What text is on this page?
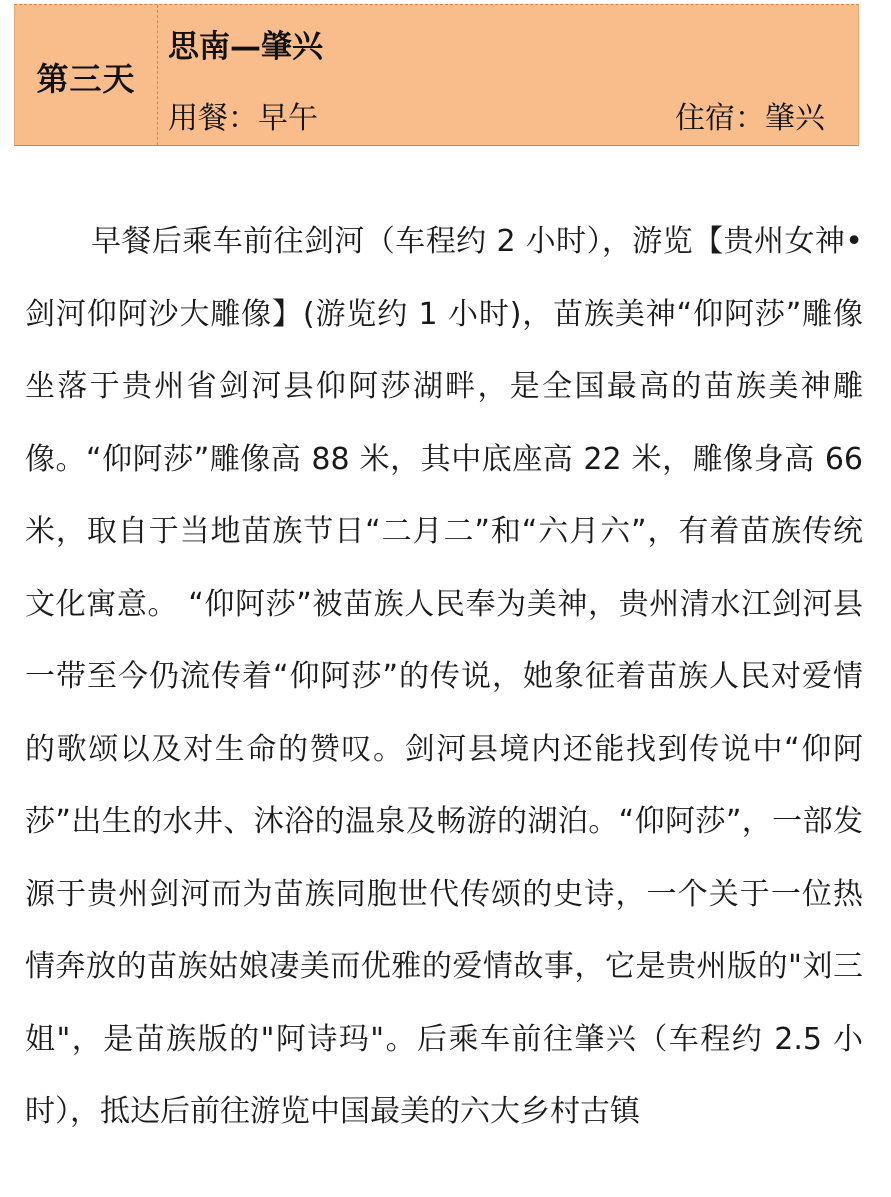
第三天
思南—肇兴
用餐：早午	住宿：肇兴

早餐后乘车前往剑河（车程约 2 小时），游览【贵州女神•剑河仰阿沙大雕像】(游览约 1 小时)，苗族美神“仰阿莎”雕像坐落于贵州省剑河县仰阿莎湖畔，是全国最高的苗族美神雕像。“仰阿莎”雕像高 88 米，其中底座高 22 米，雕像身高 66 米，取自于当地苗族节日“二月二”和“六月六”，有着苗族传统文化寓意。 “仰阿莎”被苗族人民奉为美神，贵州清水江剑河县一带至今仍流传着“仰阿莎”的传说，她象征着苗族人民对爱情的歌颂以及对生命的赞叹。剑河县境内还能找到传说中“仰阿莎”出生的水井、沐浴的温泉及畅游的湖泊。“仰阿莎”，一部发源于贵州剑河而为苗族同胞世代传颂的史诗，一个关于一位热情奔放的苗族姑娘凄美而优雅的爱情故事，它是贵州版的"刘三姐"，是苗族版的"阿诗玛"。后乘车前往肇兴（车程约 2.5 小时），抵达后前往游览中国最美的六大乡村古镇
